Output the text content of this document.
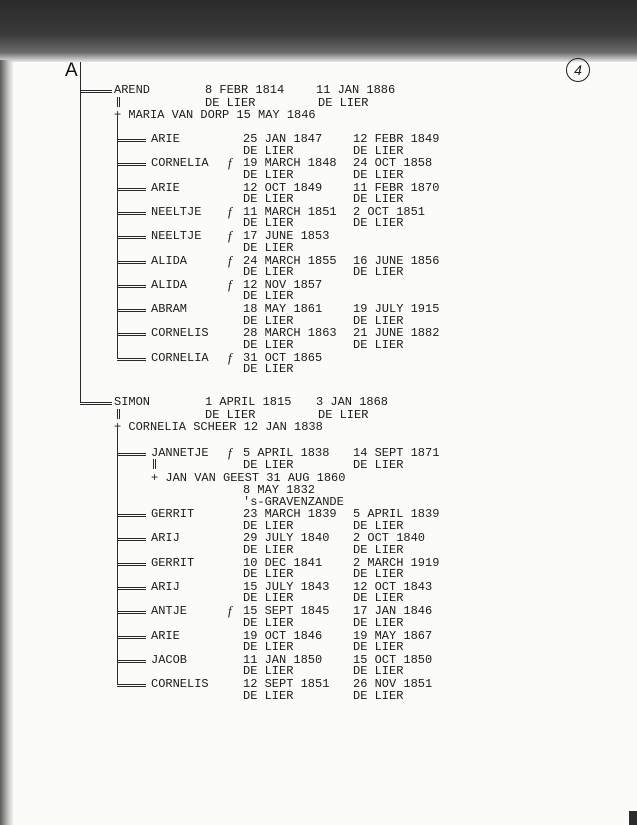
A	4
AREND	8 FEBR 1814	11 JAN 1886
DE LIER	DE LIER
+ MARIA VAN DORP 15 MAY 1846
ARIE	25 JAN 1847	12 FEBR 1849
DE LIER	DE LIER
CORNELIA f 19 MARCH 1848 24 OCT 1858
DE LIER	DE LIER
ARIE	12 OCT 1849	11 FEBR 1870
DE LIER	DE LIER
NEELTJE f 11 MARCH 1851 2 OCT 1851
DE LIER	DE LIER
NEELTJE f 17 JUNE 1853
DE LIER
ALIDA	f 24 MARCH 1855 16 JUNE 1856
DE LIER	DE LIER
ALIDA	f 12 NOV 1857
DE LIER
ABRAM	18 MAY 1861	19 JULY 1915
DE LIER	DE LIER
CORNELIS	28 MARCH 1863 21 JUNE 1882
DE LIER	DE LIER
CORNELIA f 31 OCT 1865
DE LIER
SIMON	1 APRIL 1815 3 JAN 1868
DE LIER	DE LIER
+ CORNELIA SCHEER 12 JAN 1838
JANNETJE f 5 APRIL 1838 14 SEPT 1871
DE LIER	DE LIER
+ JAN VAN GEEST 31 AUG 1860
8 MAY 1832
's-GRAVENZANDE
GERRIT	23 MARCH 1839 5 APRIL 1839
DE LIER	DE LIER
ARIJ	29 JULY 1840 2 OCT 1840
DE LIER	DE LIER
GERRIT	10 DEC 1841	2 MARCH 1919
DE LIER	DE LIER
ARIJ	15 JULY 1843 12 OCT 1843
DE LIER	DE LIER
ANTJE	f 15 SEPT 1845 17 JAN 1846
DE LIER	DE LIER
ARIE	19 OCT 1846	19 MAY 1867
DE LIER	DE LIER
JACOB	11 JAN 1850	15 OCT 1850
DE LIER	DE LIER
CORNELIS	12 SEPT 1851 26 NOV 1851
DE LIER	DE LIER
